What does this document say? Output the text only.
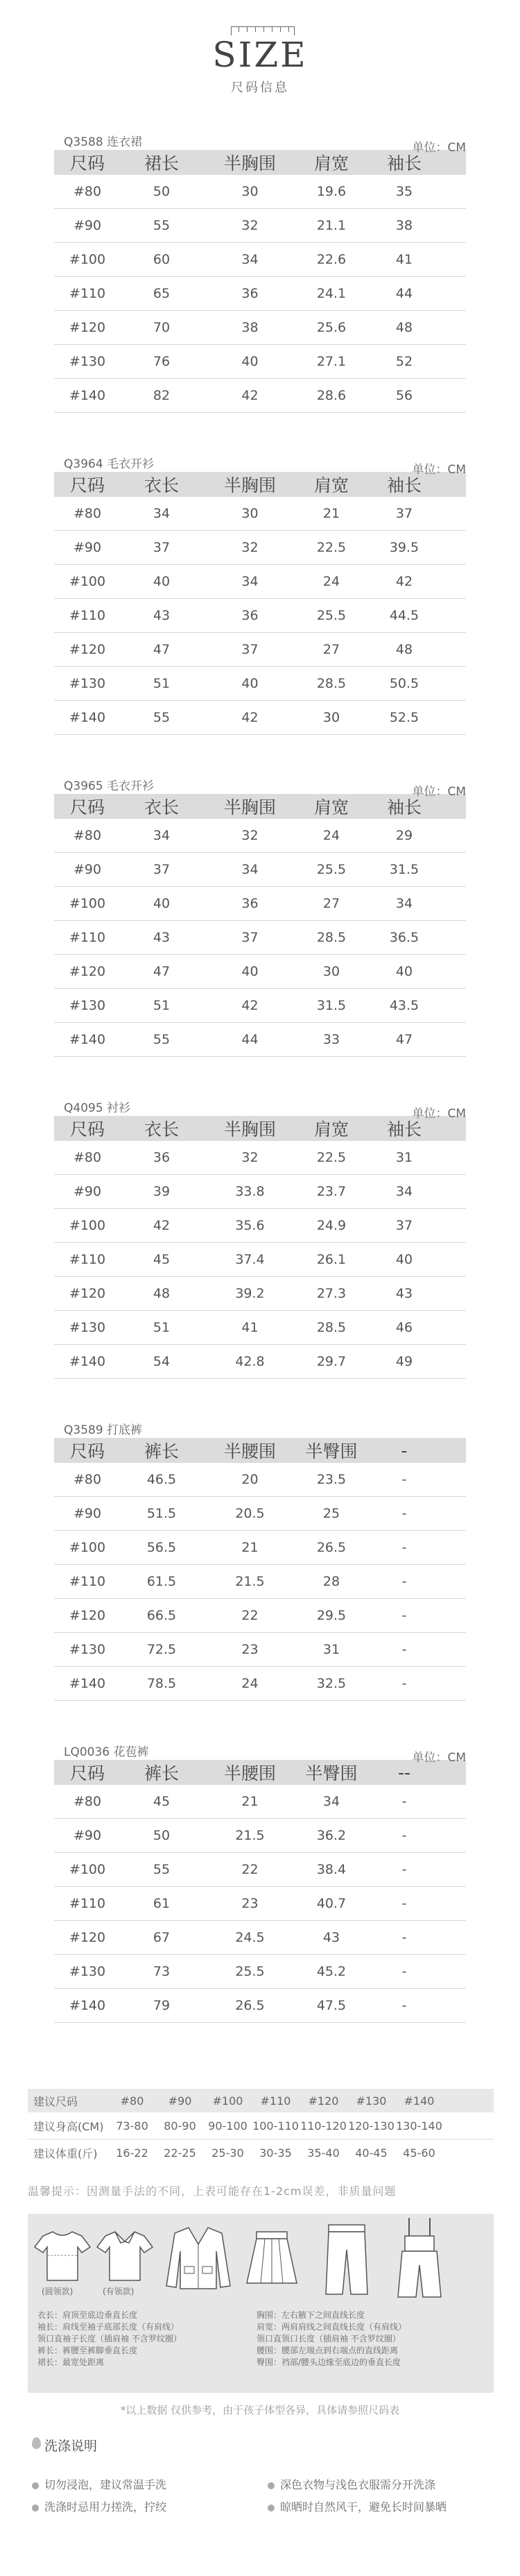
SIZE
尺码信息
Q3588 连衣裙	单位：CM
尺码	裙长	半胸围	肩宽	袖长
#80	50	30	19.6	35
#90	55	32	21.1	38
#100	60	34	22.6	41
#110	65	36	24.1	44
#120	70	38	25.6	48
#130	76	40	27.1	52
#140	82	42	28.6	56
Q3964 毛衣开衫	单位：CM
尺码	衣长	半胸围	肩宽	袖长
#80	34	30	21	37
#90	37	32	22.5	39.5
#100	40	34	24	42
#110	43	36	25.5	44.5
#120	47	37	27	48
#130	51	40	28.5	50.5
#140	55	42	30	52.5
Q3965 毛衣开衫	单位：CM
尺码	衣长	半胸围	肩宽	袖长
#80	34	32	24	29
#90	37	34	25.5	31.5
#100	40	36	27	34
#110	43	37	28.5	36.5
#120	47	40	30	40
#130	51	42	31.5	43.5
#140	55	44	33	47
Q4095 衬衫	单位：CM
尺码	衣长	半胸围	肩宽	袖长
#80	36	32	22.5	31
#90	39	33.8	23.7	34
#100	42	35.6	24.9	37
#110	45	37.4	26.1	40
#120	48	39.2	27.3	43
#130	51	41	28.5	46
#140	54	42.8	29.7	49
Q3589 打底裤
尺码	裤长	半腰围	半臀围	-
#80	46.5	20	23.5	-
#90	51.5	20.5	25	-
#100	56.5	21	26.5	-
#110	61.5	21.5	28	-
#120	66.5	22	29.5	-
#130	72.5	23	31	-
#140	78.5	24	32.5	-
LQ0036 花苞裤	单位：CM
尺码	裤长	半腰围	半臀围	--
#80	45	21	34	-
#90	50	21.5	36.2	-
#100	55	22	38.4	-
#110	61	23	40.7	-
#120	67	24.5	43	-
#130	73	25.5	45.2	-
#140	79	26.5	47.5	-
建议尺码	#80	#90	#100	#110	#120	#130	#140
建议身高(CM)	73-80	80-90	90-100 100-110 110-120 120-130 130-140
建议体重(斤)	16-22	22-25	25-30	30-35	35-40	40-45	45-60
温馨提示：因测量手法的不同，上表可能存在1-2cm误差，非质量问题
(圆领款)	(有领款)
衣长：肩顶至底边垂直长度
袖长：肩线至袖子底部长度（有肩线）
领口直袖子长度（插肩袖 不含罗纹圈）
裤长：裤腰至裤脚垂直长度
裙长：最宽处距离
胸围：左右腋下之间直线长度
肩宽：两肩肩线之间直线长度（有肩线）
领口直领口长度（插肩袖 不含罗纹圈）
腰围：腰部左端点到右端点的直线距离
臀围：裆部/腰头边缘至底边的垂直长度
*以上数据 仅供参考，由于孩子体型各异，具体请参照尺码表
洗涤说明
切勿浸泡，建议常温手洗	深色衣物与浅色衣服需分开洗涤
洗涤时忌用力搓洗，拧绞	晾晒时自然风干，避免长时间暴晒
